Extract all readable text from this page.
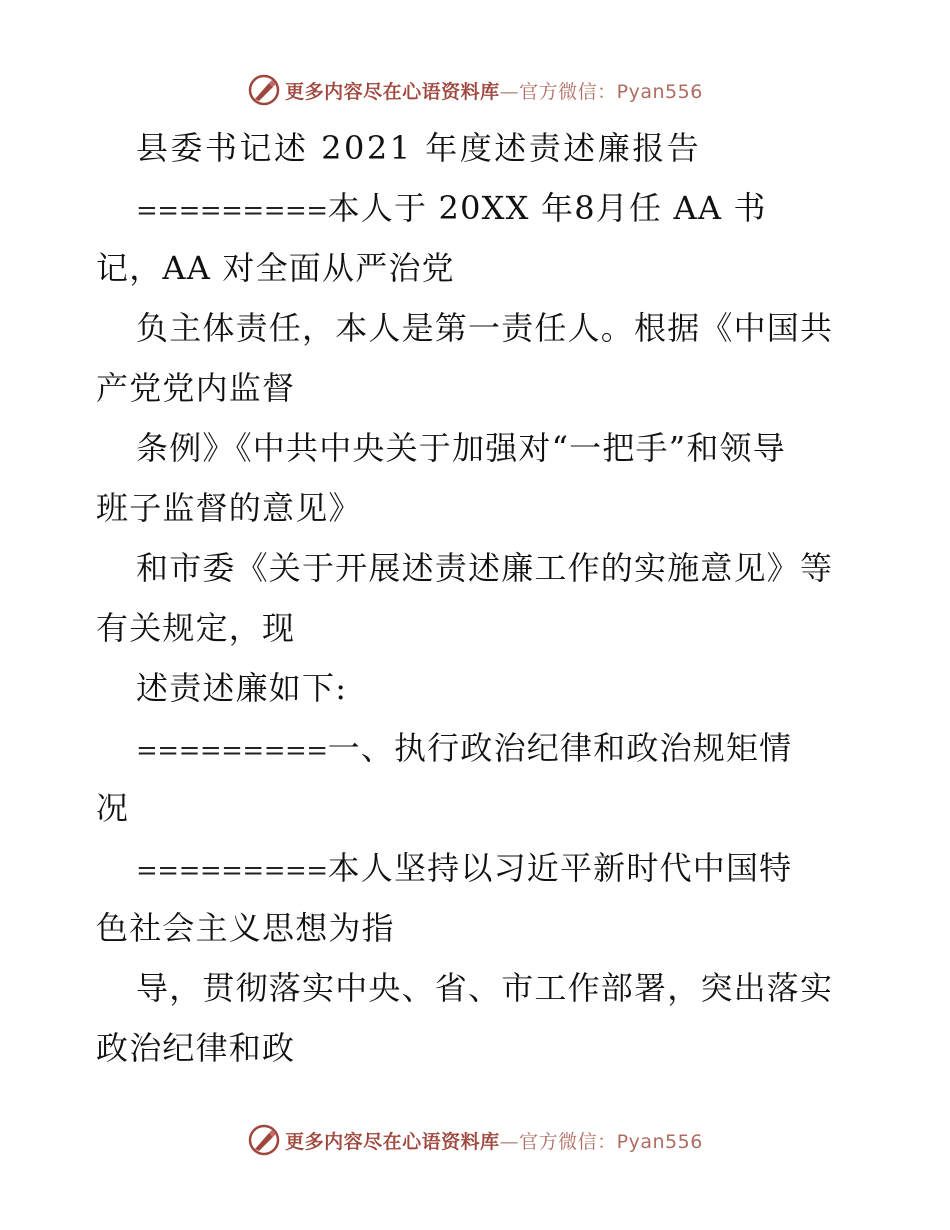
更多内容尽在心语资料库—官方微信：Pyan556
县委书记述 2021 年度述责述廉报告
=========本人于 20XX 年8月任 AA 书
记，AA 对全面从严治党
负主体责任，本人是第一责任人。根据《中国共
产党党内监督
条例》《中共中央关于加强对“一把手”和领导
班子监督的意见》
和市委《关于开展述责述廉工作的实施意见》等
有关规定，现
述责述廉如下:
=========一、执行政治纪律和政治规矩情
况
=========本人坚持以习近平新时代中国特
色社会主义思想为指
导，贯彻落实中央、省、市工作部署，突出落实
政治纪律和政
更多内容尽在心语资料库—官方微信：Pyan556
